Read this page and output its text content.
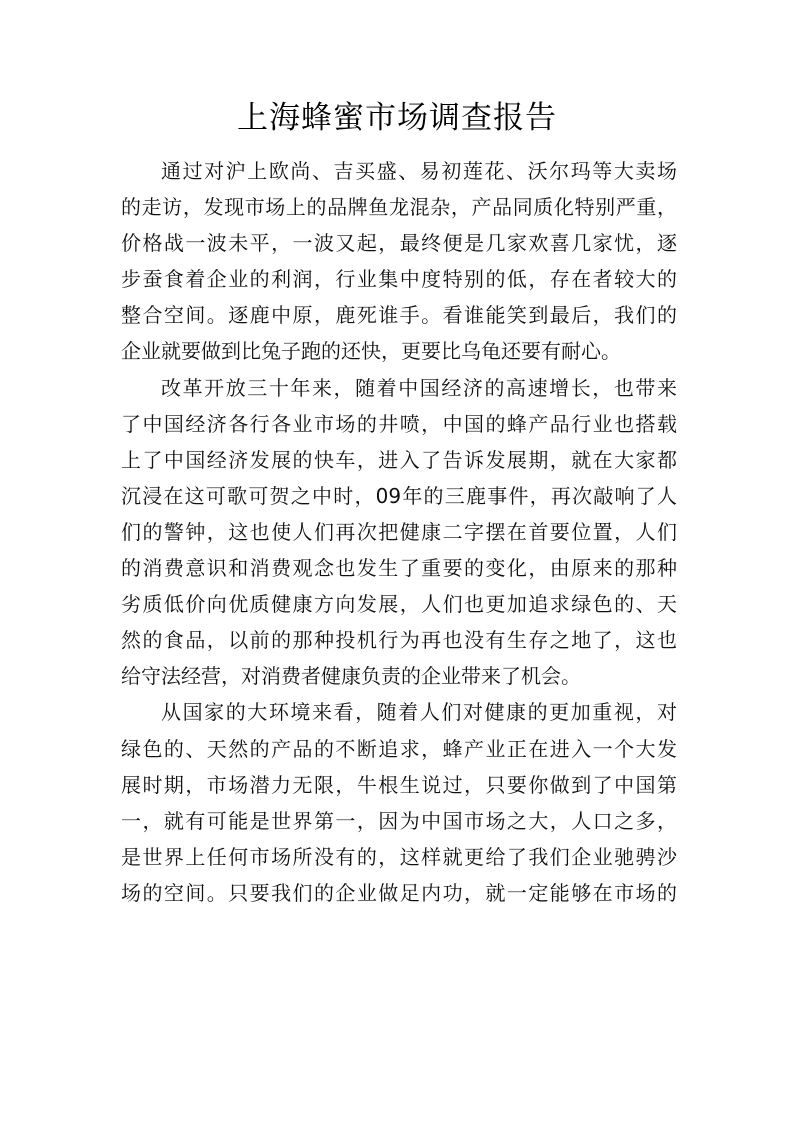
上海蜂蜜市场调查报告

通过对沪上欧尚、吉买盛、易初莲花、沃尔玛等大卖场

的走访，发现市场上的品牌鱼龙混杂，产品同质化特别严重，

价格战一波未平，一波又起，最终便是几家欢喜几家忧，逐

步蚕食着企业的利润，行业集中度特别的低，存在者较大的

整合空间。逐鹿中原，鹿死谁手。看谁能笑到最后，我们的

企业就要做到比兔子跑的还快，更要比乌龟还要有耐心。

改革开放三十年来，随着中国经济的高速增长，也带来

了中国经济各行各业市场的井喷，中国的蜂产品行业也搭载

上了中国经济发展的快车，进入了告诉发展期，就在大家都

沉浸在这可歌可贺之中时，09年的三鹿事件，再次敲响了人

们的警钟，这也使人们再次把健康二字摆在首要位置，人们

的消费意识和消费观念也发生了重要的变化，由原来的那种

劣质低价向优质健康方向发展，人们也更加追求绿色的、天

然的食品，以前的那种投机行为再也没有生存之地了，这也

给守法经营，对消费者健康负责的企业带来了机会。

从国家的大环境来看，随着人们对健康的更加重视，对

绿色的、天然的产品的不断追求，蜂产业正在进入一个大发

展时期，市场潜力无限，牛根生说过，只要你做到了中国第

一，就有可能是世界第一，因为中国市场之大，人口之多，

是世界上任何市场所没有的，这样就更给了我们企业驰骋沙

场的空间。只要我们的企业做足内功，就一定能够在市场的
